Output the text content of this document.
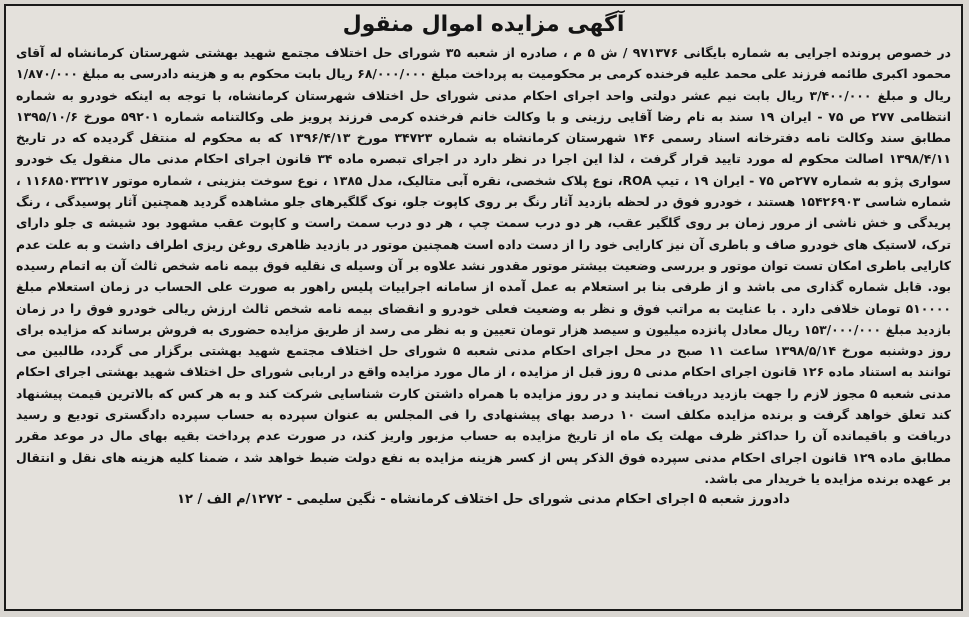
آگهی مزایده اموال منقول

در خصوص پرونده اجرایی به شماره بایگانی ۹۷۱۳۷۶ / ش ۵ م ، صادره از شعبه ۳۵ شورای حل اختلاف مجتمع شهید بهشتی شهرستان کرمانشاه له آقای محمود اکبری طائمه فرزند علی محمد علیه فرخنده کرمی بر محکومیت به پرداخت مبلغ ۶۸/۰۰۰/۰۰۰ ریال بابت محکوم به و هزینه دادرسی به مبلغ ۱/۸۷۰/۰۰۰ ریال و مبلغ ۳/۴۰۰/۰۰۰ ریال بابت نیم عشر دولتی واحد اجرای احکام مدنی شورای حل اختلاف شهرستان کرمانشاه، با توجه به اینکه خودرو به شماره انتظامی ۲۷۷ ص ۷۵ - ایران ۱۹ سند به نام رضا آقایی رزینی و با وکالت خانم فرخنده کرمی فرزند پرویز طی وکالتنامه شماره ۵۹۲۰۱ مورخ ۱۳۹۵/۱۰/۶ مطابق سند وکالت نامه دفترخانه اسناد رسمی ۱۴۶ شهرستان کرمانشاه به شماره ۳۴۷۲۳ مورخ ۱۳۹۶/۴/۱۳ که به محکوم له منتقل گردیده که در تاریخ ۱۳۹۸/۴/۱۱ اصالت محکوم له مورد تایید قرار گرفت ، لذا این اجرا در نظر دارد در اجرای تبصره ماده ۳۴ قانون اجرای احکام مدنی مال منقول یک خودرو سواری پژو به شماره ۲۷۷ص ۷۵ - ایران ۱۹ ، تیپ ROA، نوع پلاک شخصی، نقره آبی متالیک، مدل ۱۳۸۵ ، نوع سوخت بنزینی ، شماره موتور ۱۱۶۸۵۰۳۳۲۱۷ ، شماره شاسی ۱۵۴۲۶۹۰۳ هستند ، خودرو فوق در لحظه بازدید آثار رنگ بر روی کاپوت جلو، نوک گلگیرهای جلو مشاهده گردید همچنین آثار پوسیدگی ، رنگ پریدگی و خش ناشی از مرور زمان بر روی گلگیر عقب، هر دو درب سمت چپ ، هر دو درب سمت راست و کاپوت عقب مشهود بود شیشه ی جلو دارای ترک، لاستیک های خودرو صاف و باطری آن نیز کارایی خود را از دست داده است همچنین موتور در بازدید ظاهری روغن ریزی اطراف داشت و به علت عدم کارایی باطری امکان تست توان موتور و بررسی وضعیت بیشتر موتور مقدور نشد علاوه بر آن وسیله ی نقلیه فوق بیمه نامه شخص ثالث آن به اتمام رسیده بود. قابل شماره گذاری می باشد و از طرفی بنا بر استعلام به عمل آمده از سامانه اجراییات پلیس راهور به صورت علی الحساب در زمان استعلام مبلغ ۵۱۰۰۰۰ تومان خلافی دارد . با عنایت به مراتب فوق و نظر به وضعیت فعلی خودرو و انقضای بیمه نامه شخص ثالث ارزش ریالی خودرو فوق را در زمان بازدید مبلغ ۱۵۳/۰۰۰/۰۰۰ ریال معادل پانزده میلیون و سیصد هزار تومان تعیین و به نظر می رسد از طریق مزایده حضوری به فروش برساند که مزایده برای روز دوشنبه مورخ ۱۳۹۸/۵/۱۴ ساعت ۱۱ صبح در محل اجرای احکام مدنی شعبه ۵ شورای حل اختلاف مجتمع شهید بهشتی برگزار می گردد، طالبین می توانند به استناد ماده ۱۲۶ قانون اجرای احکام مدنی ۵ روز قبل از مزایده ، از مال مورد مزایده واقع در اربابی شورای حل اختلاف شهید بهشتی اجرای احکام مدنی شعبه ۵ مجوز لازم را جهت بازدید دریافت نمایند و در روز مزایده با همراه داشتن کارت شناسایی شرکت کند و به هر کس که بالاترین قیمت پیشنهاد کند تعلق خواهد گرفت و برنده مزایده مکلف است ۱۰ درصد بهای پیشنهادی را فی المجلس به عنوان سپرده به حساب سپرده دادگستری تودیع و رسید دریافت و باقیمانده آن را حداکثر ظرف مهلت یک ماه از تاریخ مزایده به حساب مزبور واریز کند، در صورت عدم پرداخت بقیه بهای مال در موعد مقرر مطابق ماده ۱۲۹ قانون اجرای احکام مدنی سپرده فوق الذکر پس از کسر هزینه مزایده به نفع دولت ضبط خواهد شد ، ضمنا کلیه هزینه های نقل و انتقال بر عهده برنده مزایده یا خریدار می باشد.

دادورز شعبه ۵ اجرای احکام مدنی شورای حل اختلاف کرمانشاه - نگین سلیمی - ۱۲۷۲/م الف / ۱۲
